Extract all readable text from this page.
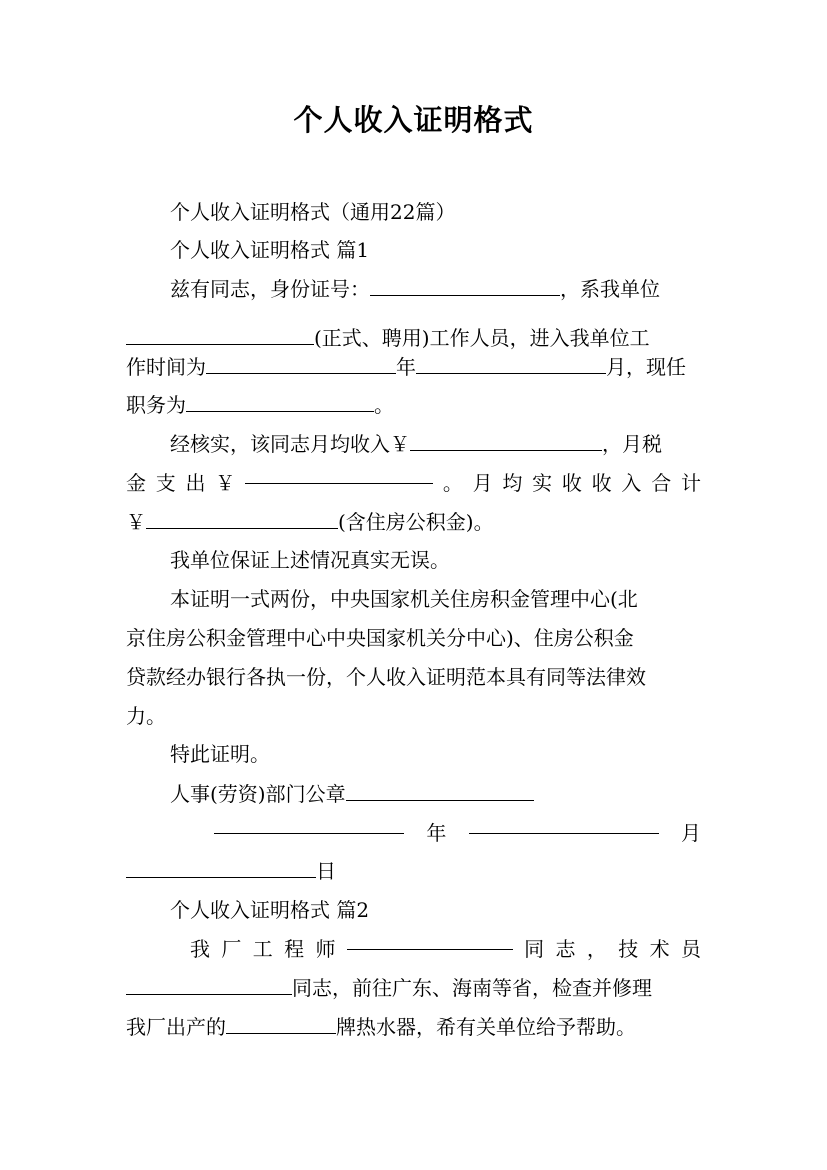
个人收入证明格式
个人收入证明格式（通用22篇）
个人收入证明格式 篇1
兹有同志，身份证号：	，系我单位
(正式、聘用)工作人员，进入我单位工
作时间为	年	月，现任
职务为	。
经核实，该同志月均收入￥	，月税
金 支 出 ￥	。 月 均 实 收 收 入 合 计
￥	(含住房公积金)。
我单位保证上述情况真实无误。
本证明一式两份，中央国家机关住房积金管理中心(北
京住房公积金管理中心中央国家机关分中心)、住房公积金
贷款经办银行各执一份，个人收入证明范本具有同等法律效
力。
特此证明。
人事(劳资)部门公章
年	月
日
个人收入证明格式 篇2
我 厂 工 程 师	同 志 ， 技 术 员
同志，前往广东、海南等省，检查并修理
我厂出产的	牌热水器，希有关单位给予帮助。
